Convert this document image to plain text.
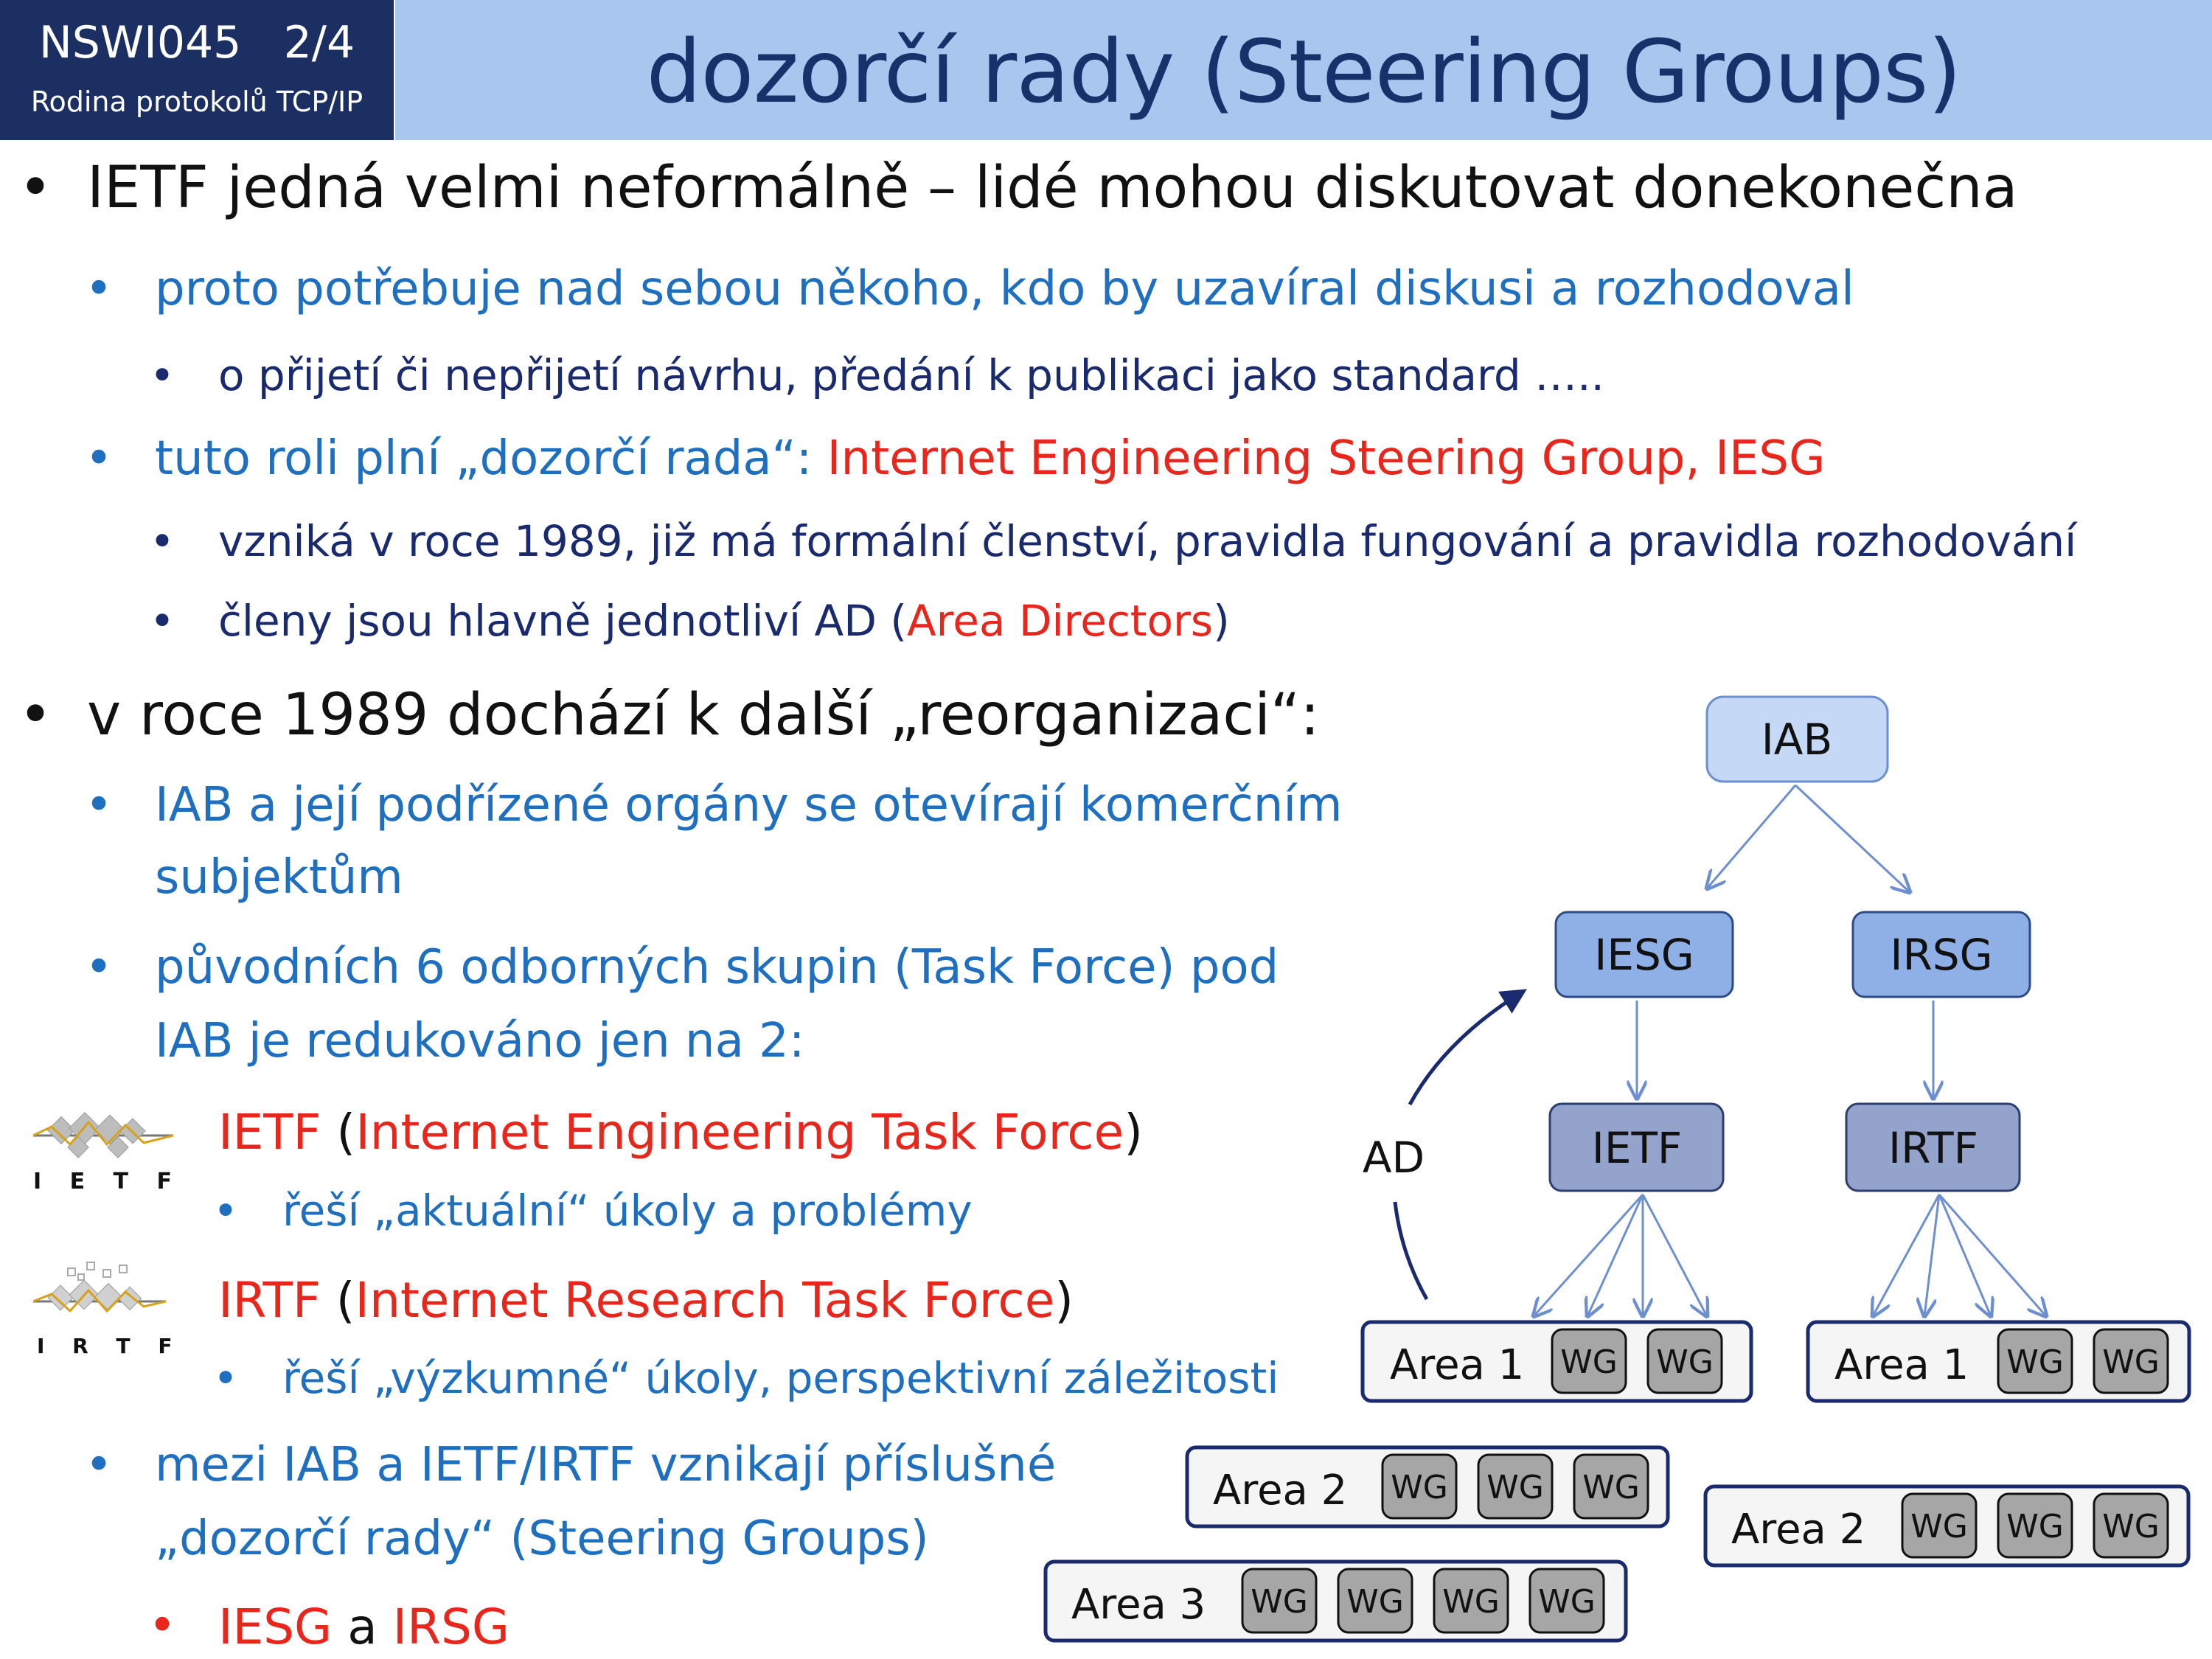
NSWI045   2/4
Rodina protokolů TCP/IP	dozorčí rady (Steering Groups)
• IETF jedná velmi neformálně – lidé mohou diskutovat donekonečna
• proto potřebuje nad sebou někoho, kdo by uzavíral diskusi a rozhodoval
• o přijetí či nepřijetí návrhu, předání k publikaci jako standard …..
• tuto roli plní „dozorčí rada“: Internet Engineering Steering Group, IESG
• vzniká v roce 1989, již má formální členství, pravidla fungování a pravidla rozhodování
• členy jsou hlavně jednotliví AD (Area Directors)
• v roce 1989 dochází k další „reorganizaci“:
• IAB a její podřízené orgány se otevírají komerčním
subjektům
• původních 6 odborných skupin (Task Force) pod
IAB je redukováno jen na 2:
IETF (Internet Engineering Task Force)
• řeší „aktuální“ úkoly a problémy
IRTF (Internet Research Task Force)
• řeší „výzkumné“ úkoly, perspektivní záležitosti
• mezi IAB a IETF/IRTF vznikají příslušné
„dozorčí rady“ (Steering Groups)
• IESG a IRSG
I E T F
I R T F
AD
IAB
IESG	IRSG
IETF	IRTF
Area 1 WG WG	Area 1 WG WG
Area 2 WG WG WG
Area 2 WG WG WG
Area 3 WG WG WG WG
